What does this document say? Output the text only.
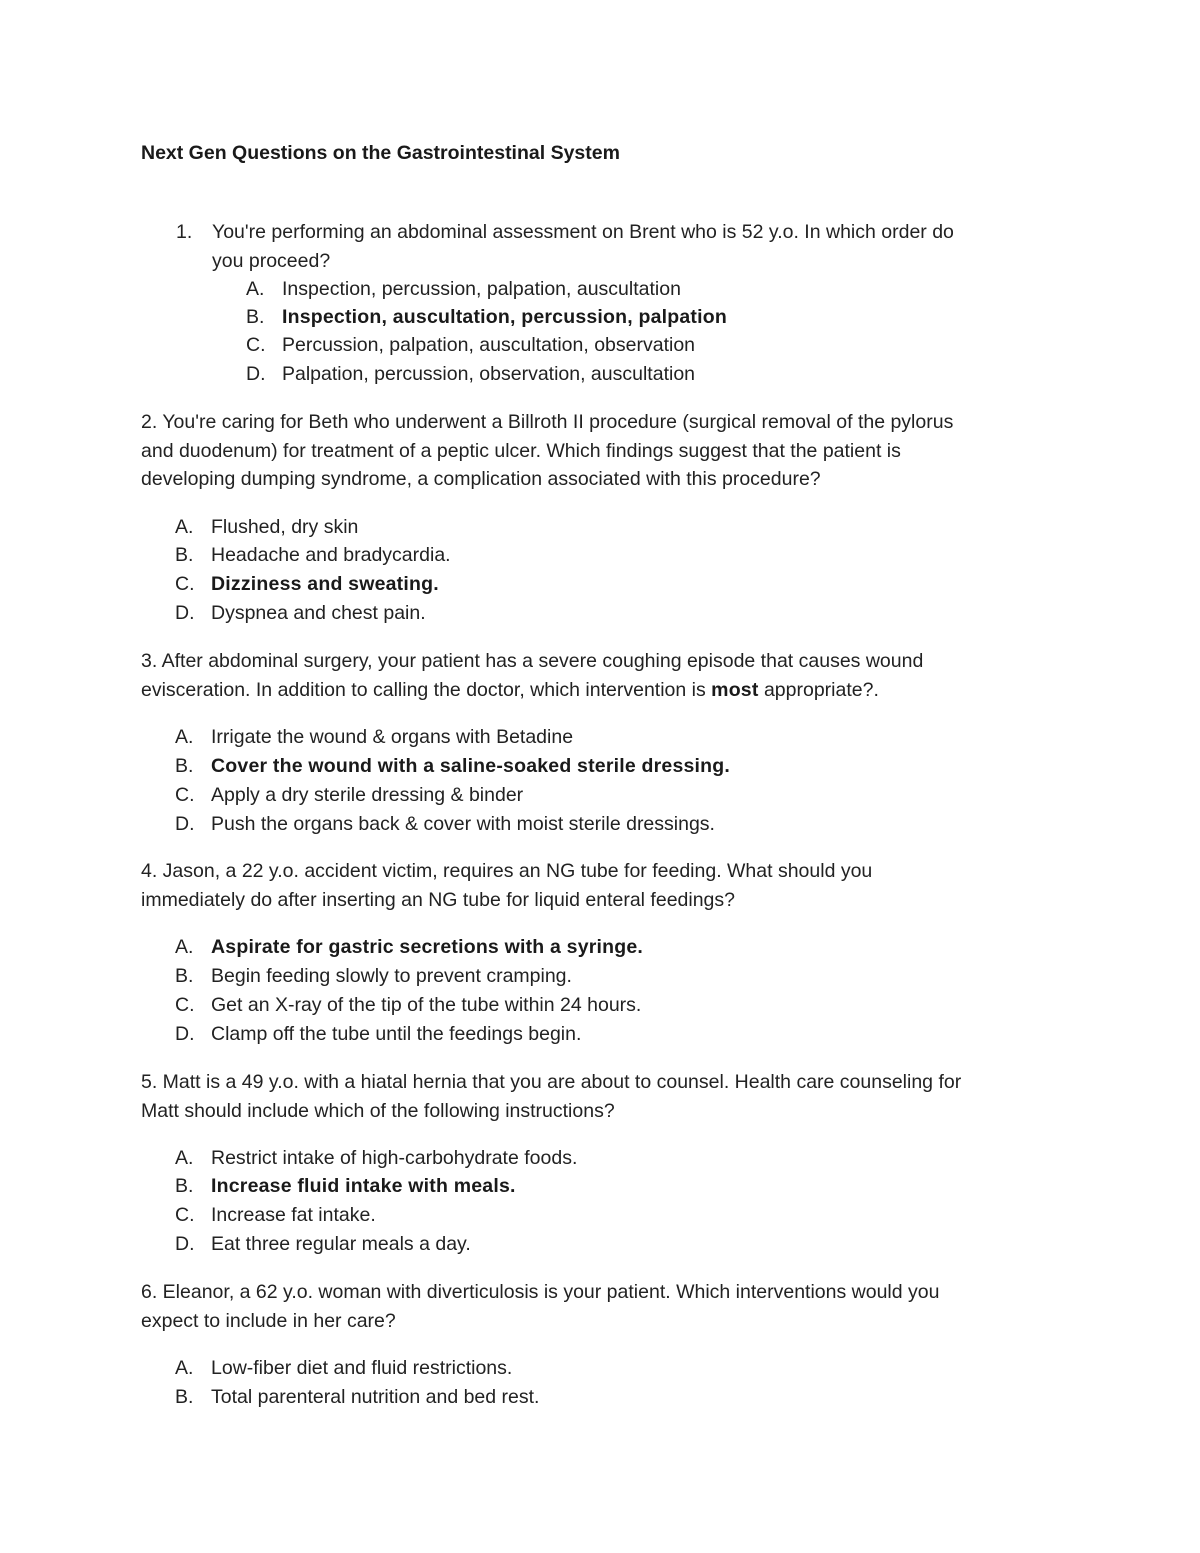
Next Gen Questions on the Gastrointestinal System
1. You're performing an abdominal assessment on Brent who is 52 y.o. In which order do
you proceed?
A. Inspection, percussion, palpation, auscultation
B. Inspection, auscultation, percussion, palpation
C. Percussion, palpation, auscultation, observation
D. Palpation, percussion, observation, auscultation
2. You're caring for Beth who underwent a Billroth II procedure (surgical removal of the pylorus
and duodenum) for treatment of a peptic ulcer. Which findings suggest that the patient is
developing dumping syndrome, a complication associated with this procedure?
A. Flushed, dry skin
B. Headache and bradycardia.
C. Dizziness and sweating.
D. Dyspnea and chest pain.
3. After abdominal surgery, your patient has a severe coughing episode that causes wound
evisceration. In addition to calling the doctor, which intervention is most appropriate?.
A. Irrigate the wound & organs with Betadine
B. Cover the wound with a saline-soaked sterile dressing.
C. Apply a dry sterile dressing & binder
D. Push the organs back & cover with moist sterile dressings.
4. Jason, a 22 y.o. accident victim, requires an NG tube for feeding. What should you
immediately do after inserting an NG tube for liquid enteral feedings?
A. Aspirate for gastric secretions with a syringe.
B. Begin feeding slowly to prevent cramping.
C. Get an X-ray of the tip of the tube within 24 hours.
D. Clamp off the tube until the feedings begin.
5. Matt is a 49 y.o. with a hiatal hernia that you are about to counsel. Health care counseling for
Matt should include which of the following instructions?
A. Restrict intake of high-carbohydrate foods.
B. Increase fluid intake with meals.
C. Increase fat intake.
D. Eat three regular meals a day.
6. Eleanor, a 62 y.o. woman with diverticulosis is your patient. Which interventions would you
expect to include in her care?
A. Low-fiber diet and fluid restrictions.
B. Total parenteral nutrition and bed rest.
